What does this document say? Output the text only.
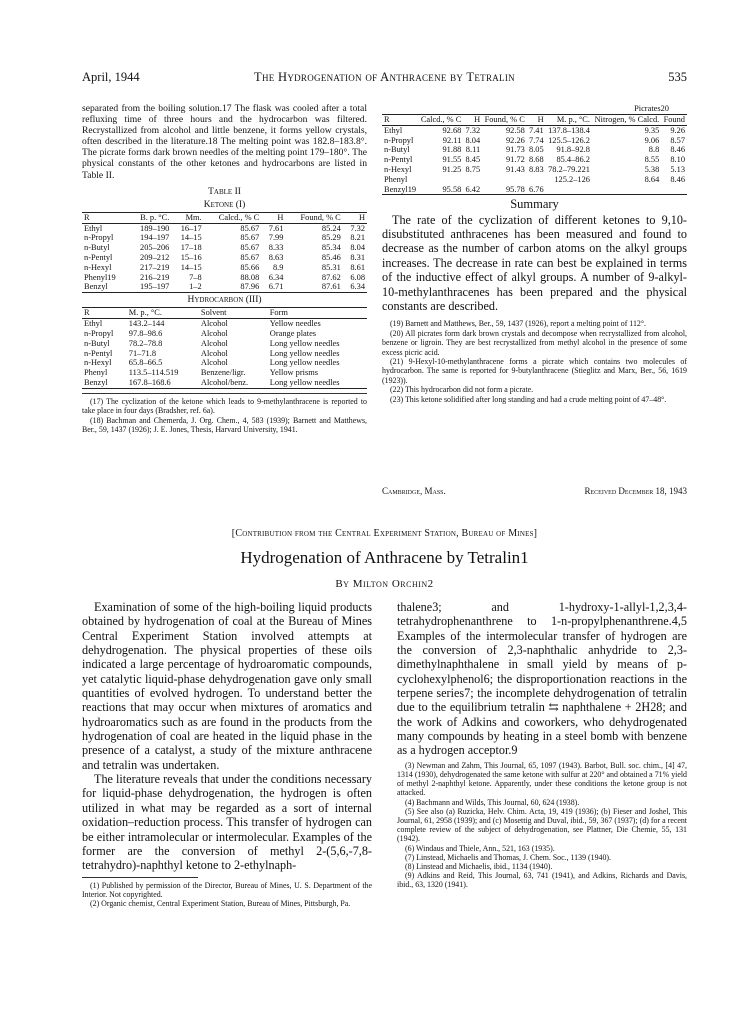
April, 1944	The Hydrogenation of Anthracene by Tetralin	535

separated from the boiling solution.17 The flask was cooled after a total refluxing time of three hours and the hydrocarbon was filtered. Recrystallized from alcohol and little benzene, it forms yellow crystals, often described in the literature.18 The melting point was 182.8–183.8°. The picrate forms dark brown needles of the melting point 179–180°. The physical constants of the other ketones and hydrocarbons are listed in Table II.

Table II
Ketone (I)
R	B. p. °C.	Mm.	Calcd., % C	H	Found, % C	H
Ethyl	189–190	16–17	85.67	7.61	85.24	7.32
n-Propyl	194–197	14–15	85.67	7.99	85.29	8.21
n-Butyl	205–206	17–18	85.67	8.33	85.34	8.04
n-Pentyl	209–212	15–16	85.67	8.63	85.46	8.31
n-Hexyl	217–219	14–15	85.66	8.9	85.31	8.61
Phenyl19	216–219	7–8	88.08	6.34	87.62	6.08
Benzyl	195–197	1–2	87.96	6.71	87.61	6.34
Hydrocarbon (III)
R	M. p., °C.	Solvent	Form
Ethyl	143.2–144	Alcohol	Yellow needles
n-Propyl	97.8–98.6	Alcohol	Orange plates
n-Butyl	78.2–78.8	Alcohol	Long yellow needles
n-Pentyl	71–71.8	Alcohol	Long yellow needles
n-Hexyl	65.8–66.5	Alcohol	Long yellow needles
Phenyl	113.5–114.519	Benzene/ligr.	Yellow prisms
Benzyl	167.8–168.6	Alcohol/benz.	Long yellow needles

(17) The cyclization of the ketone which leads to 9-methylanthracene is reported to take place in four days (Bradsher, ref. 6a).

(18) Bachman and Chemerda, J. Org. Chem., 4, 583 (1939); Barnett and Matthews, Ber., 59, 1437 (1926); J. E. Jones, Thesis, Harvard University, 1941.

Picrates20
R	Calcd., % C	H	Found, % C	H	M. p., °C.	Nitrogen, % Calcd.	Found
Ethyl	92.68	7.32	92.58	7.41	137.8–138.4	9.35	9.26
n-Propyl	92.11	8.04	92.26	7.74	125.5–126.2	9.06	8.57
n-Butyl	91.88	8.11	91.73	8.05	91.8–92.8	8.8	8.46
n-Pentyl	91.55	8.45	91.72	8.68	85.4–86.2	8.55	8.10
n-Hexyl	91.25	8.75	91.43	8.83	78.2–79.221	5.38	5.13
Phenyl					125.2–126	8.64	8.46
Benzyl19	95.58	6.42	95.78	6.76			
Summary

The rate of the cyclization of different ketones to 9,10-disubstituted anthracenes has been measured and found to decrease as the number of carbon atoms on the alkyl groups increases. The decrease in rate can best be explained in terms of the inductive effect of alkyl groups. A number of 9-alkyl-10-methylanthracenes has been prepared and the physical constants are described.

(19) Barnett and Matthews, Ber., 59, 1437 (1926), report a melting point of 112°.

(20) All picrates form dark brown crystals and decompose when recrystallized from alcohol, benzene or ligroin. They are best recrystallized from methyl alcohol in the presence of some excess picric acid.

(21) 9-Hexyl-10-methylanthracene forms a picrate which contains two molecules of hydrocarbon. The same is reported for 9-butylanthracene (Stieglitz and Marx, Ber., 56, 1619 (1923)).

(22) This hydrocarbon did not form a picrate.

(23) This ketone solidified after long standing and had a crude melting point of 47–48°.

Cambridge, Mass.	Received December 18, 1943
[Contribution from the Central Experiment Station, Bureau of Mines]
Hydrogenation of Anthracene by Tetralin1
By Milton Orchin2

Examination of some of the high-boiling liquid products obtained by hydrogenation of coal at the Bureau of Mines Central Experiment Station involved attempts at dehydrogenation. The physical properties of these oils indicated a large percentage of hydroaromatic compounds, yet catalytic liquid-phase dehydrogenation gave only small quantities of evolved hydrogen. To understand better the reactions that may occur when mixtures of aromatics and hydroaromatics such as are found in the products from the hydrogenation of coal are heated in the liquid phase in the presence of a catalyst, a study of the mixture anthracene and tetralin was undertaken.

The literature reveals that under the conditions necessary for liquid-phase dehydrogenation, the hydrogen is often utilized in what may be regarded as a sort of internal oxidation–reduction process. This transfer of hydrogen can be either intramolecular or intermolecular. Examples of the former are the conversion of methyl 2-(5,6,-7,8-tetrahydro)-naphthyl ketone to 2-ethylnaph-

(1) Published by permission of the Director, Bureau of Mines, U. S. Department of the Interior. Not copyrighted.

(2) Organic chemist, Central Experiment Station, Bureau of Mines, Pittsburgh, Pa.

thalene3; and 1-hydroxy-1-allyl-1,2,3,4-tetrahydrophenanthrene to 1-n-propylphenanthrene.4,5 Examples of the intermolecular transfer of hydrogen are the conversion of 2,3-naphthalic anhydride to 2,3-dimethylnaphthalene in small yield by means of p-cyclohexylphenol6; the disproportionation reactions in the terpene series7; the incomplete dehydrogenation of tetralin due to the equilibrium tetralin ⇆ naphthalene + 2H28; and the work of Adkins and coworkers, who dehydrogenated many compounds by heating in a steel bomb with benzene as a hydrogen acceptor.9

(3) Newman and Zahm, This Journal, 65, 1097 (1943). Barbot, Bull. soc. chim., [4] 47, 1314 (1930), dehydrogenated the same ketone with sulfur at 220° and obtained a 71% yield of methyl 2-naphthyl ketone. Apparently, under these conditions the ketone group is not attacked.

(4) Bachmann and Wilds, This Journal, 60, 624 (1938).

(5) See also (a) Ruzicka, Helv. Chim. Acta, 19, 419 (1936); (b) Fieser and Joshel, This Journal, 61, 2958 (1939); and (c) Mosettig and Duval, ibid., 59, 367 (1937); (d) for a recent complete review of the subject of dehydrogenation, see Plattner, Die Chemie, 55, 131 (1942).

(6) Windaus and Thiele, Ann., 521, 163 (1935).

(7) Linstead, Michaelis and Thomas, J. Chem. Soc., 1139 (1940).

(8) Linstead and Michaelis, ibid., 1134 (1940).

(9) Adkins and Reid, This Journal, 63, 741 (1941), and Adkins, Richards and Davis, ibid., 63, 1320 (1941).
